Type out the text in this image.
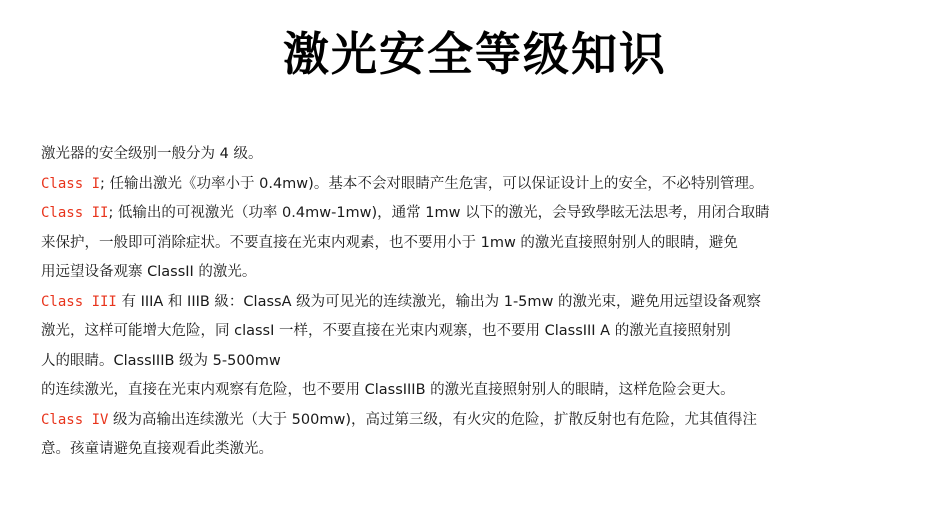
激光安全等级知识
激光器的安全级别一般分为 4 级。
Class I; 任输出激光《功率小于 0.4mw)。基本不会对眼睛产生危害，可以保证设计上的安全，不必特别管理。
Class II; 低输出的可视激光（功率 0.4mw-1mw)，通常 1mw 以下的激光，会导致學眩无法思考，用闭合取睛
来保护，一般即可消除症状。不要直接在光束内观素，也不要用小于 1mw 的激光直接照射别人的眼睛，避免
用远望设备观寨 ClassII 的激光。
Class III 有 IIIA 和 IIIB 級：ClassA 级为可见光的连续激光，输出为 1-5mw 的激光束，避免用远望设备观察
激光，这样可能增大危险，同 classI 一样，不要直接在光束内观寨，也不要用 ClassIII A 的激光直接照射别
人的眼睛。ClassIIIB 级为 5-500mw
的连续激光，直接在光束内观察有危险，也不要用 ClassIIIB 的激光直接照射别人的眼睛，这样危险会更大。
Class IV 级为高输出连续激光（大于 500mw)，高过第三级，有火灾的危险，扩散反射也有危险，尤其值得注
意。孩童请避免直接观看此类激光。
